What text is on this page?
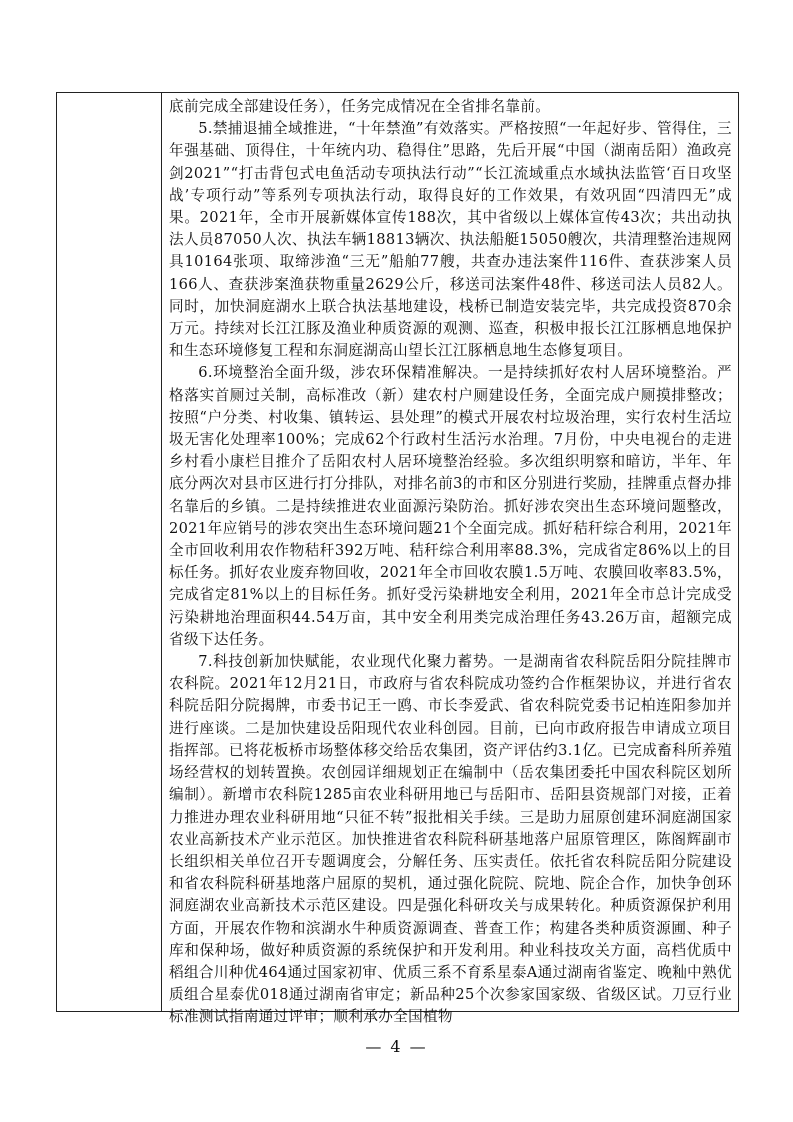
底前完成全部建设任务），任务完成情况在全省排名靠前。

5.禁捕退捕全域推进，“十年禁渔”有效落实。严格按照“一年起好步、管得住，三年强基础、顶得住，十年统内功、稳得住”思路，先后开展“中国（湖南岳阳）渔政亮剑2021”“打击背包式电鱼活动专项执法行动”“长江流域重点水域执法监管‘百日攻坚战’专项行动”等系列专项执法行动，取得良好的工作效果，有效巩固“四清四无”成果。2021年，全市开展新媒体宣传188次，其中省级以上媒体宣传43次；共出动执法人员87050人次、执法车辆18813辆次、执法船艇15050艘次，共清理整治违规网具10164张项、取缔涉渔“三无”船舶77艘，共查办违法案件116件、查获涉案人员166人、查获涉案渔获物重量2629公斤，移送司法案件48件、移送司法人员82人。同时，加快洞庭湖水上联合执法基地建设，栈桥已制造安装完毕，共完成投资870余万元。持续对长江江豚及渔业种质资源的观测、巡查，积极申报长江江豚栖息地保护和生态环境修复工程和东洞庭湖高山望长江江豚栖息地生态修复项目。

6.环境整治全面升级，涉农环保精准解决。一是持续抓好农村人居环境整治。严格落实首厕过关制，高标准改（新）建农村户厕建设任务，全面完成户厕摸排整改；按照“户分类、村收集、镇转运、县处理”的模式开展农村垃圾治理，实行农村生活垃圾无害化处理率100%；完成62个行政村生活污水治理。7月份，中央电视台的走进乡村看小康栏目推介了岳阳农村人居环境整治经验。多次组织明察和暗访，半年、年底分两次对县市区进行打分排队，对排名前3的市和区分别进行奖励，挂牌重点督办排名靠后的乡镇。二是持续推进农业面源污染防治。抓好涉农突出生态环境问题整改，2021年应销号的涉农突出生态环境问题21个全面完成。抓好秸秆综合利用，2021年全市回收利用农作物秸秆392万吨、秸秆综合利用率88.3%，完成省定86%以上的目标任务。抓好农业废弃物回收，2021年全市回收农膜1.5万吨、农膜回收率83.5%，完成省定81%以上的目标任务。抓好受污染耕地安全利用，2021年全市总计完成受污染耕地治理面积44.54万亩，其中安全利用类完成治理任务43.26万亩，超额完成省级下达任务。

7.科技创新加快赋能，农业现代化聚力蓄势。一是湖南省农科院岳阳分院挂牌市农科院。2021年12月21日，市政府与省农科院成功签约合作框架协议，并进行省农科院岳阳分院揭牌，市委书记王一鸥、市长李爱武、省农科院党委书记柏连阳参加并进行座谈。二是加快建设岳阳现代农业科创园。目前，已向市政府报告申请成立项目指挥部。已将花板桥市场整体移交给岳农集团，资产评估约3.1亿。已完成畜科所养殖场经营权的划转置换。农创园详细规划正在编制中（岳农集团委托中国农科院区划所编制）。新增市农科院1285亩农业科研用地已与岳阳市、岳阳县资规部门对接，正着力推进办理农业科研用地“只征不转”报批相关手续。三是助力屈原创建环洞庭湖国家农业高新技术产业示范区。加快推进省农科院科研基地落户屈原管理区，陈阁辉副市长组织相关单位召开专题调度会，分解任务、压实责任。依托省农科院岳阳分院建设和省农科院科研基地落户屈原的契机，通过强化院院、院地、院企合作，加快争创环洞庭湖农业高新技术示范区建设。四是强化科研攻关与成果转化。种质资源保护利用方面，开展农作物和滨湖水牛种质资源调查、普查工作；构建各类种质资源圃、种子库和保种场，做好种质资源的系统保护和开发利用。种业科技攻关方面，高档优质中稻组合川种优464通过国家初审、优质三系不育系星泰A通过湖南省鉴定、晚籼中熟优质组合星泰优018通过湖南省审定；新品种25个次参家国家级、省级区试。刀豆行业标准测试指南通过评审；顺利承办全国植物

— 4 —
